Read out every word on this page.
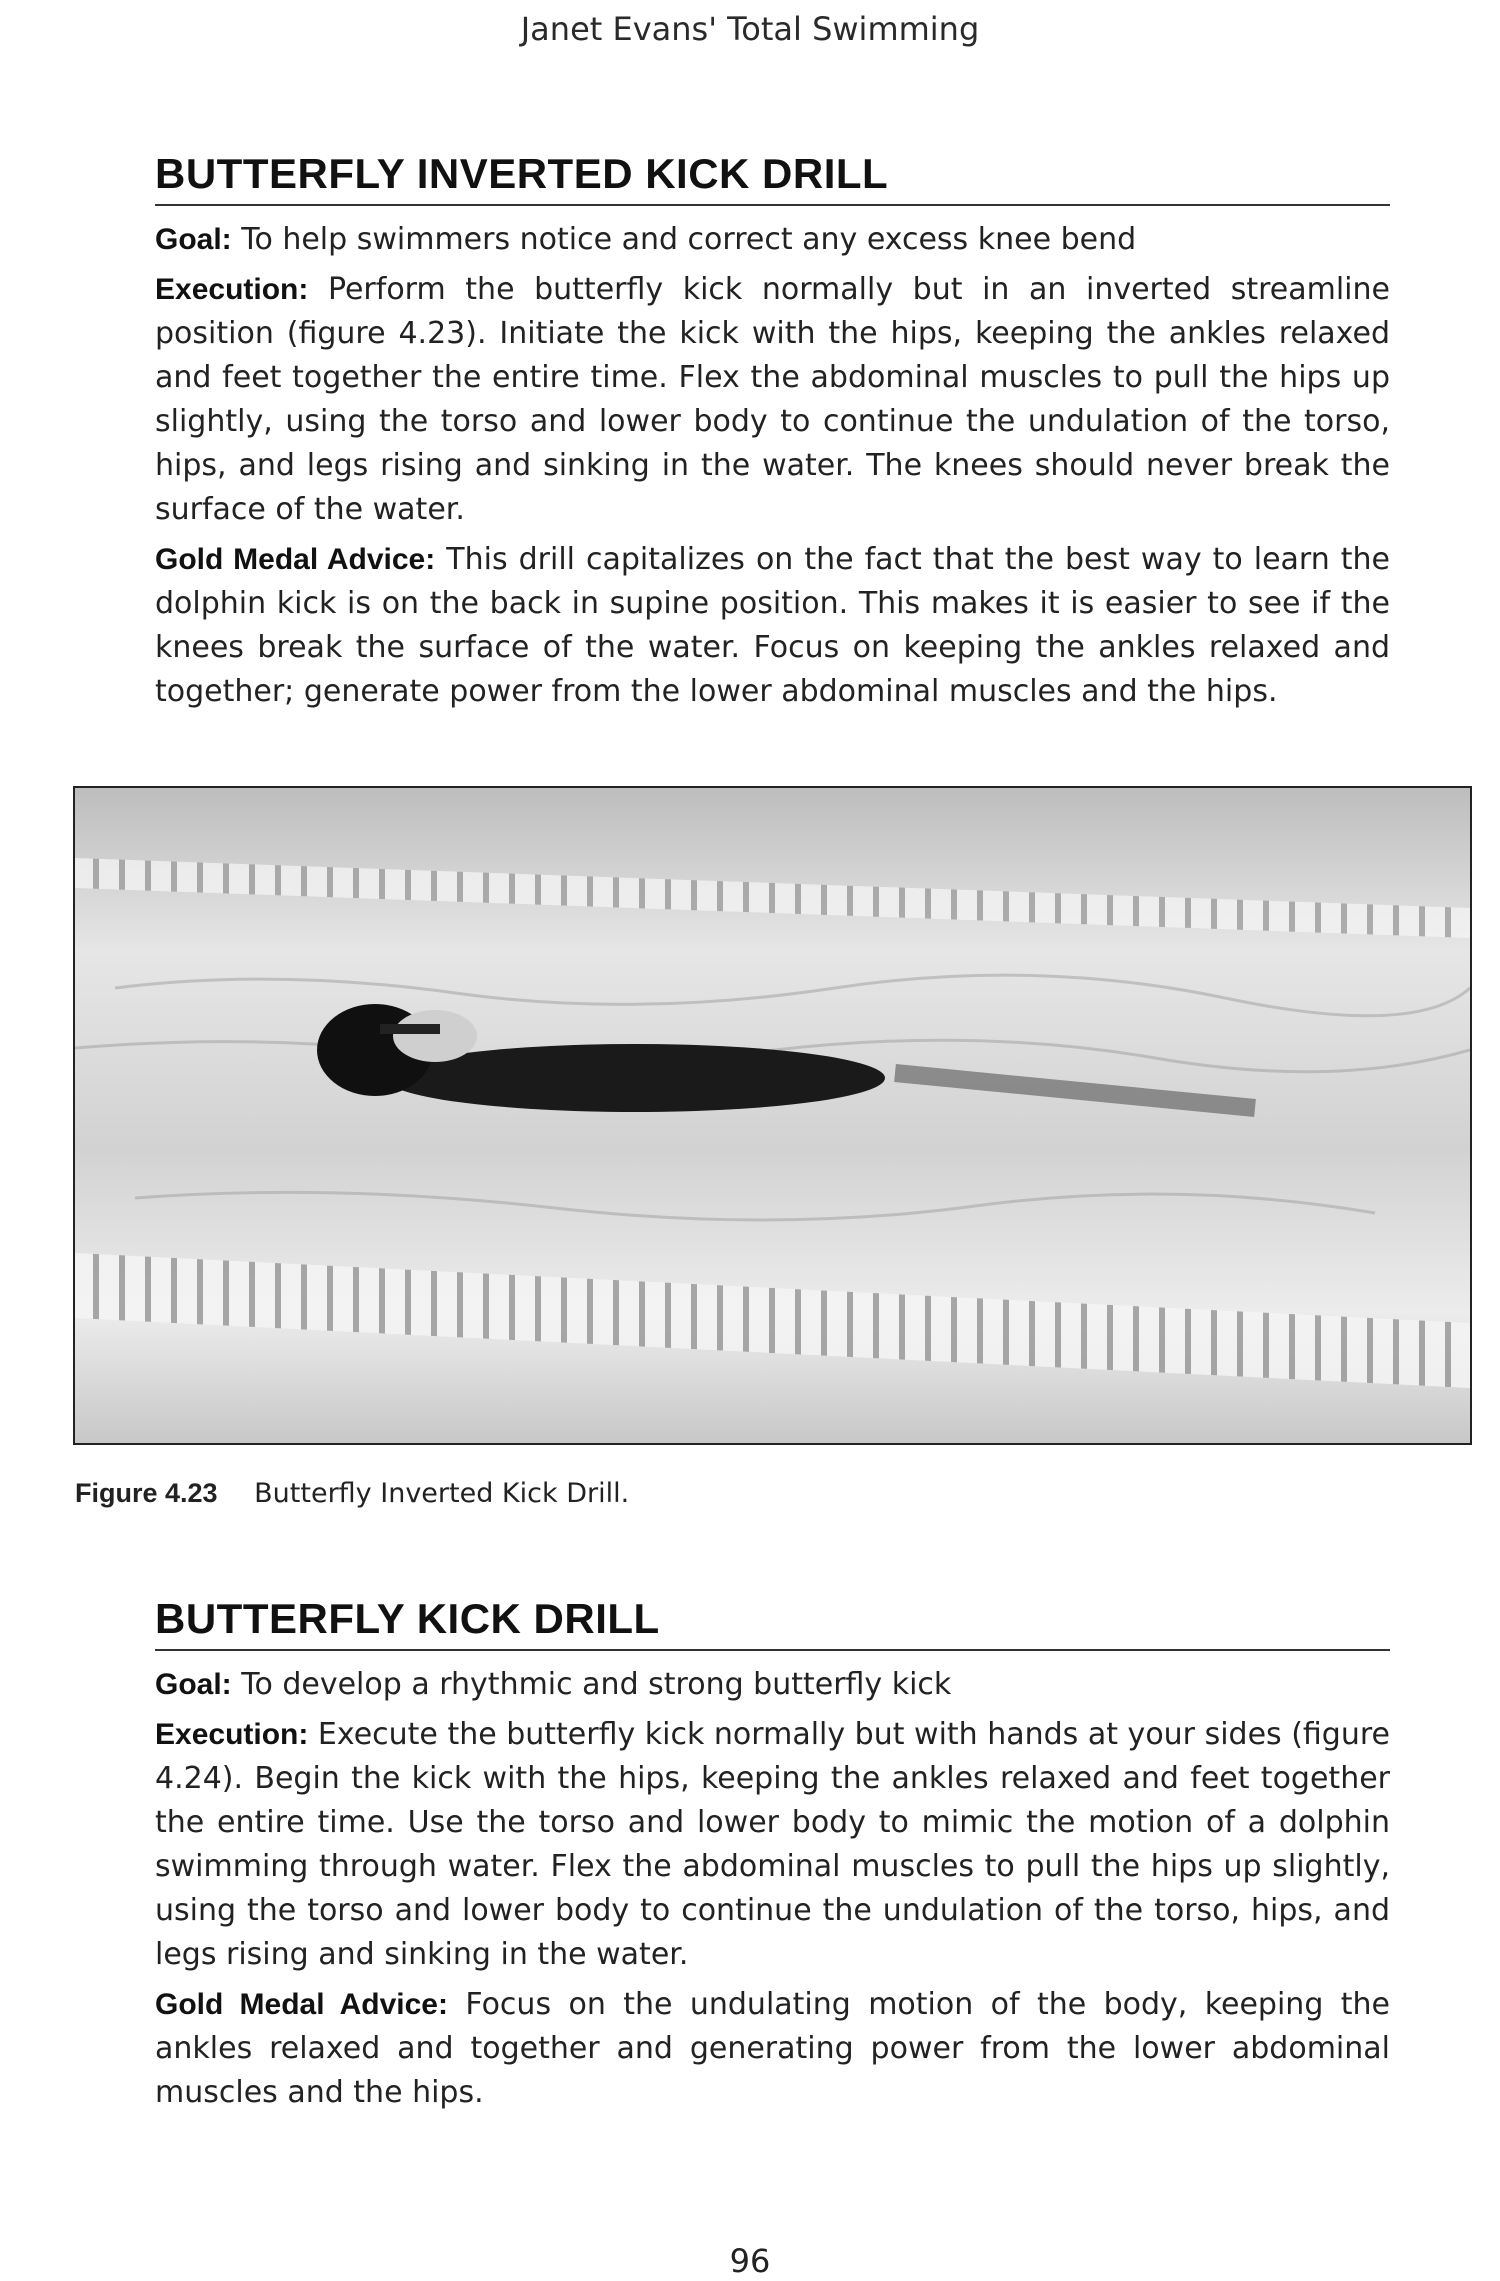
Janet Evans' Total Swimming
BUTTERFLY INVERTED KICK DRILL

Goal: To help swimmers notice and correct any excess knee bend

Execution: Perform the butterfly kick normally but in an inverted streamline position (figure 4.23). Initiate the kick with the hips, keeping the ankles relaxed and feet together the entire time. Flex the abdominal muscles to pull the hips up slightly, using the torso and lower body to continue the undulation of the torso, hips, and legs rising and sinking in the water. The knees should never break the surface of the water.

Gold Medal Advice: This drill capitalizes on the fact that the best way to learn the dolphin kick is on the back in supine position. This makes it is easier to see if the knees break the surface of the water. Focus on keeping the ankles relaxed and together; generate power from the lower abdominal muscles and the hips.

Figure 4.23 Butterfly Inverted Kick Drill.
BUTTERFLY KICK DRILL

Goal: To develop a rhythmic and strong butterfly kick

Execution: Execute the butterfly kick normally but with hands at your sides (figure 4.24). Begin the kick with the hips, keeping the ankles relaxed and feet together the entire time. Use the torso and lower body to mimic the motion of a dolphin swimming through water. Flex the abdominal muscles to pull the hips up slightly, using the torso and lower body to continue the undulation of the torso, hips, and legs rising and sinking in the water.

Gold Medal Advice: Focus on the undulating motion of the body, keeping the ankles relaxed and together and generating power from the lower abdominal muscles and the hips.

96
